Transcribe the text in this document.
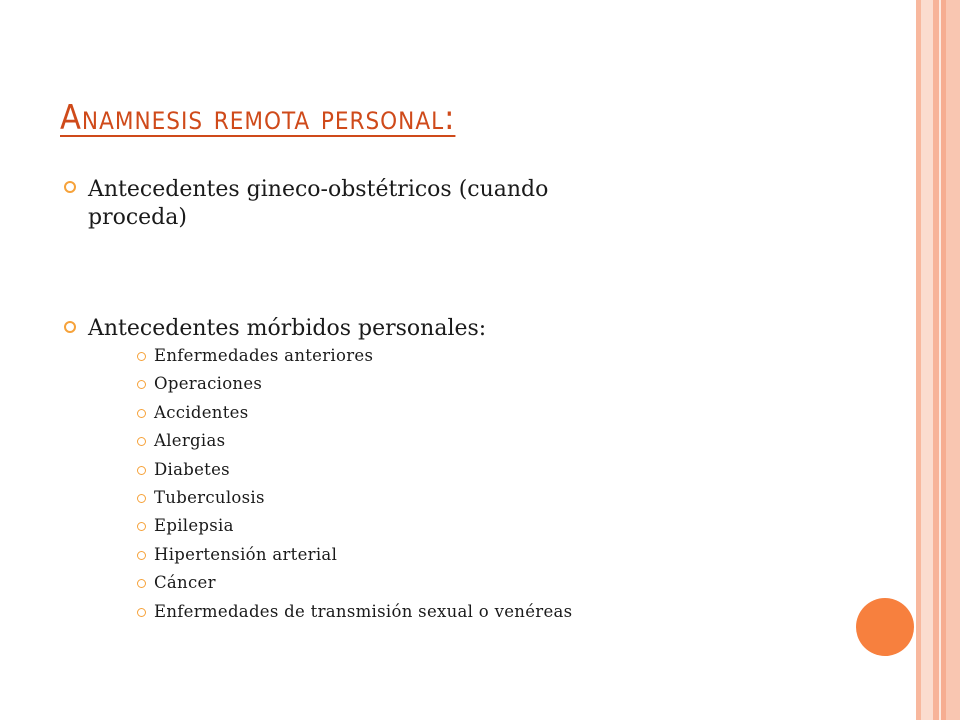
Anamnesis remota personal:
Antecedentes gineco-obstétricos (cuando proceda)
Antecedentes mórbidos personales:
Enfermedades anteriores
Operaciones
Accidentes
Alergias
Diabetes
Tuberculosis
Epilepsia
Hipertensión arterial
Cáncer
Enfermedades de transmisión sexual o venéreas
